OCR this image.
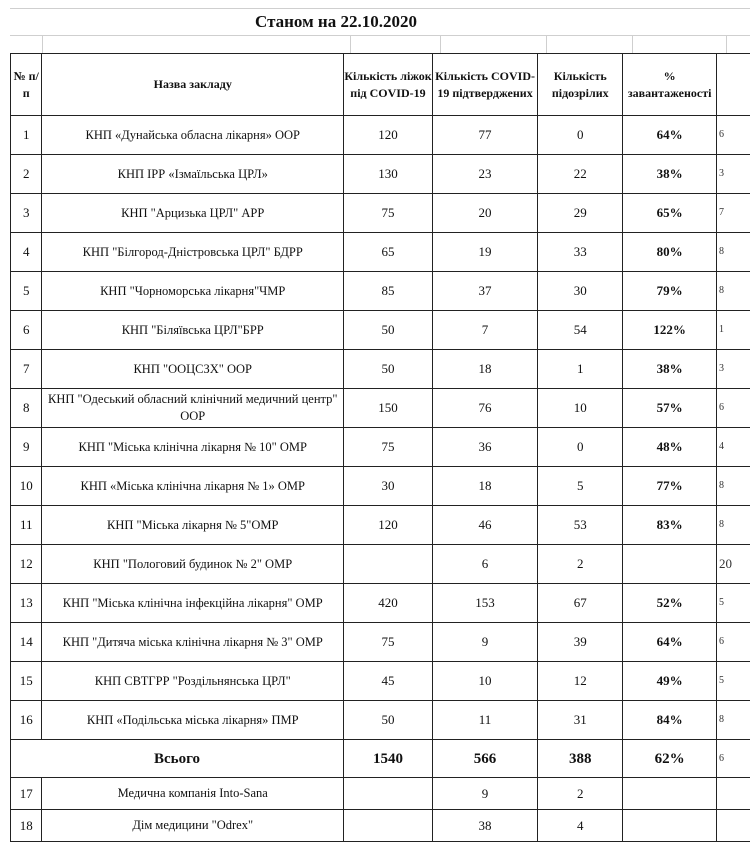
Станом на 22.10.2020
№ п/п	Назва закладу	Кількість ліжок під COVID-19	Кількість COVID-19 підтверджених	Кількість підозрілих	% завантаженості	
1	КНП «Дунайська обласна лікарня» ООР	120	77	0	64%	6
2	КНП ІРР «Ізмаїльська ЦРЛ»	130	23	22	38%	3
3	КНП "Арцизька ЦРЛ" АРР	75	20	29	65%	7
4	КНП "Білгород-Дністровська ЦРЛ" БДРР	65	19	33	80%	8
5	КНП "Чорноморська лікарня"ЧМР	85	37	30	79%	8
6	КНП "Біляївська ЦРЛ"БРР	50	7	54	122%	1
7	КНП "ООЦСЗХ" ООР	50	18	1	38%	3
8	КНП "Одеський обласний клінічний медичний центр" ООР	150	76	10	57%	6
9	КНП "Міська клінічна лікарня № 10" ОМР	75	36	0	48%	4
10	КНП «Міська клінічна лікарня № 1» ОМР	30	18	5	77%	8
11	КНП "Міська лікарня № 5"ОМР	120	46	53	83%	8
12	КНП "Пологовий будинок № 2" ОМР		6	2		20
13	КНП "Міська клінічна інфекційна лікарня" ОМР	420	153	67	52%	5
14	КНП "Дитяча міська клінічна лікарня № 3" ОМР	75	9	39	64%	6
15	КНП СВТГРР "Роздільнянська ЦРЛ"	45	10	12	49%	5
16	КНП «Подільська міська лікарня» ПМР	50	11	31	84%	8
Всього		1540	566	388	62%	6
17	Медична компанія Into-Sana		9	2		
18	Дім медицини "Odrex"		38	4		
